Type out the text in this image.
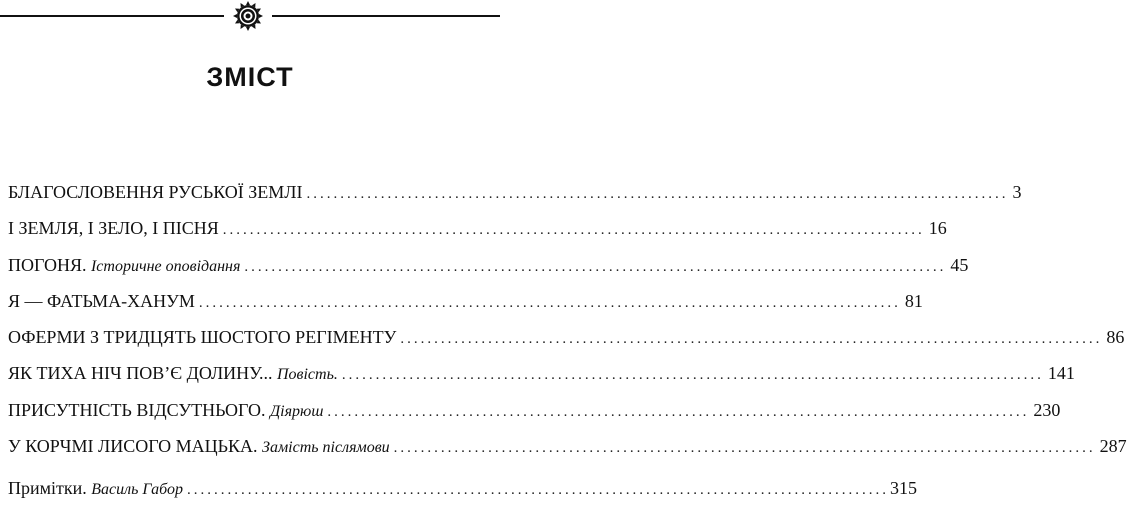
ЗМІСТ
БЛАГОСЛОВЕННЯ РУСЬКОЇ ЗЕМЛІ ........................................................................................................ 3
І ЗЕМЛЯ, І ЗЕЛО, І ПІСНЯ ........................................................................................................ 16
ПОГОНЯ. Історичне оповідання ........................................................................................................ 45
Я — ФАТЬМА-ХАНУМ ........................................................................................................ 81
ОФЕРМИ З ТРИДЦЯТЬ ШОСТОГО РЕГІМЕНТУ ........................................................................................................ 86
ЯК ТИХА НІЧ ПОВ’Є ДОЛИНУ... Повість. ........................................................................................................ 141
ПРИСУТНІСТЬ ВІДСУТНЬОГО. Діярюш ........................................................................................................ 230
У КОРЧМІ ЛИСОГО МАЦЬКА. Замість післямови ........................................................................................................ 287
Примітки. Василь Габор ........................................................................................................ 315
